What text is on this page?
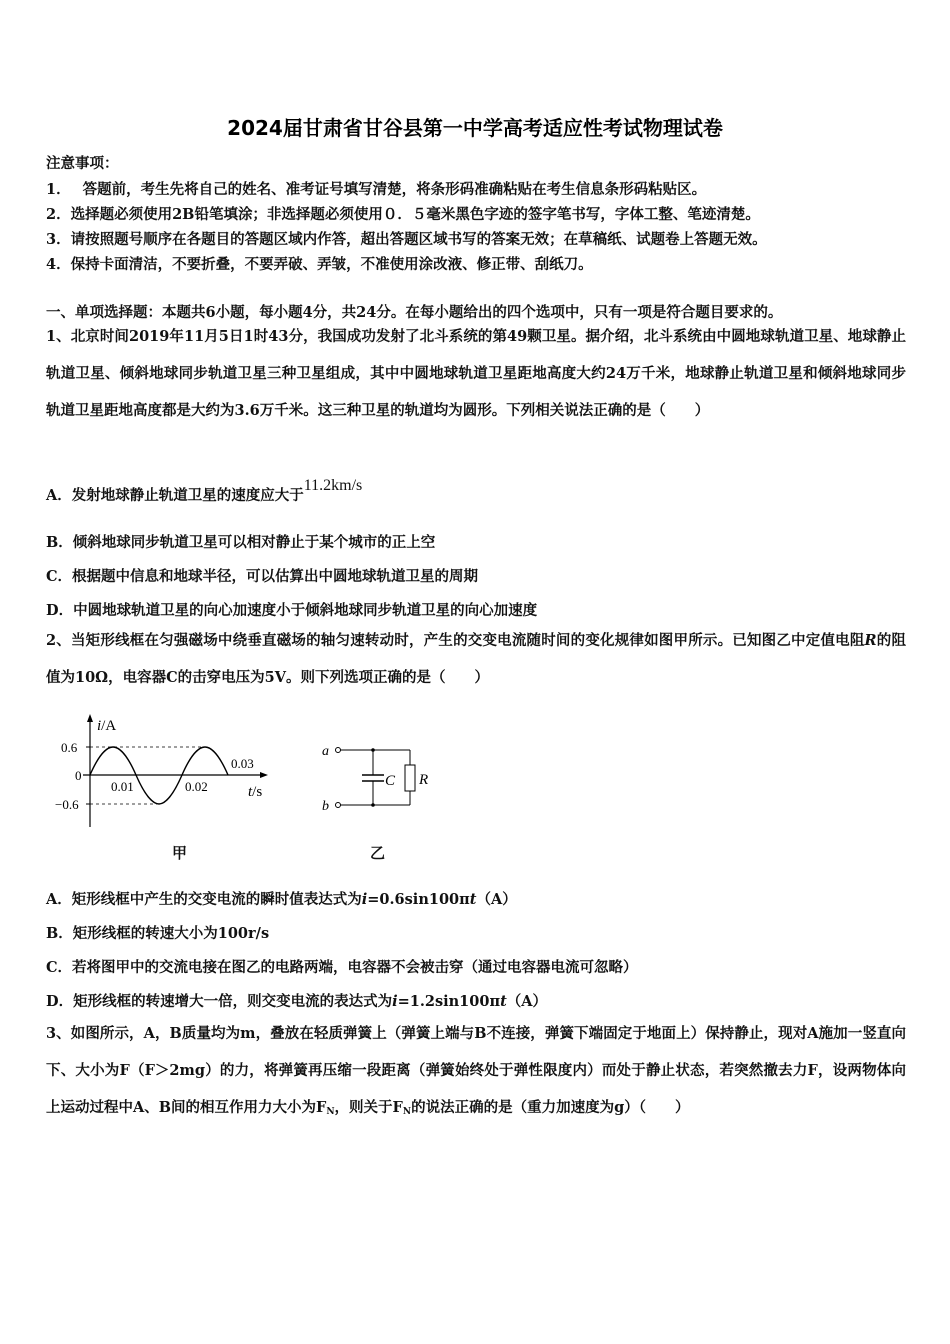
2024届甘肃省甘谷县第一中学高考适应性考试物理试卷
注意事项：
1． 答题前，考生先将自己的姓名、准考证号填写清楚，将条形码准确粘贴在考生信息条形码粘贴区。
2．选择题必须使用2B铅笔填涂；非选择题必须使用０．５毫米黑色字迹的签字笔书写，字体工整、笔迹清楚。
3．请按照题号顺序在各题目的答题区域内作答，超出答题区域书写的答案无效；在草稿纸、试题卷上答题无效。
4．保持卡面清洁，不要折叠，不要弄破、弄皱，不准使用涂改液、修正带、刮纸刀。
一、单项选择题：本题共6小题，每小题4分，共24分。在每小题给出的四个选项中，只有一项是符合题目要求的。
1、北京时间2019年11月5日1时43分，我国成功发射了北斗系统的第49颗卫星。据介绍，北斗系统由中圆地球轨道卫星、地球静止轨道卫星、倾斜地球同步轨道卫星三种卫星组成，其中中圆地球轨道卫星距地高度大约24万千米，地球静止轨道卫星和倾斜地球同步轨道卫星距地高度都是大约为3.6万千米。这三种卫星的轨道均为圆形。下列相关说法正确的是（　　）
A．发射地球静止轨道卫星的速度应大于11.2km/s
B．倾斜地球同步轨道卫星可以相对静止于某个城市的正上空
C．根据题中信息和地球半径，可以估算出中圆地球轨道卫星的周期
D．中圆地球轨道卫星的向心加速度小于倾斜地球同步轨道卫星的向心加速度
2、当矩形线框在匀强磁场中绕垂直磁场的轴匀速转动时，产生的交变电流随时间的变化规律如图甲所示。已知图乙中定值电阻R的阻值为10Ω，电容器C的击穿电压为5V。则下列选项正确的是（　　）
i/A
0.6
0
−0.6
0.01	0.02
0.03
t/s
甲
a
b
C R
乙
A．矩形线框中产生的交变电流的瞬时值表达式为i=0.6sin100πt（A）
B．矩形线框的转速大小为100r/s
C．若将图甲中的交流电接在图乙的电路两端，电容器不会被击穿（通过电容器电流可忽略）
D．矩形线框的转速增大一倍，则交变电流的表达式为i=1.2sin100πt（A）
3、如图所示，A，B质量均为m，叠放在轻质弹簧上（弹簧上端与B不连接，弹簧下端固定于地面上）保持静止，现对A施加一竖直向下、大小为F（F＞2mg）的力，将弹簧再压缩一段距离（弹簧始终处于弹性限度内）而处于静止状态，若突然撤去力F，设两物体向上运动过程中A、B间的相互作用力大小为$F_N$，则关于$F_N$的说法正确的是（重力加速度为g）（　　）
